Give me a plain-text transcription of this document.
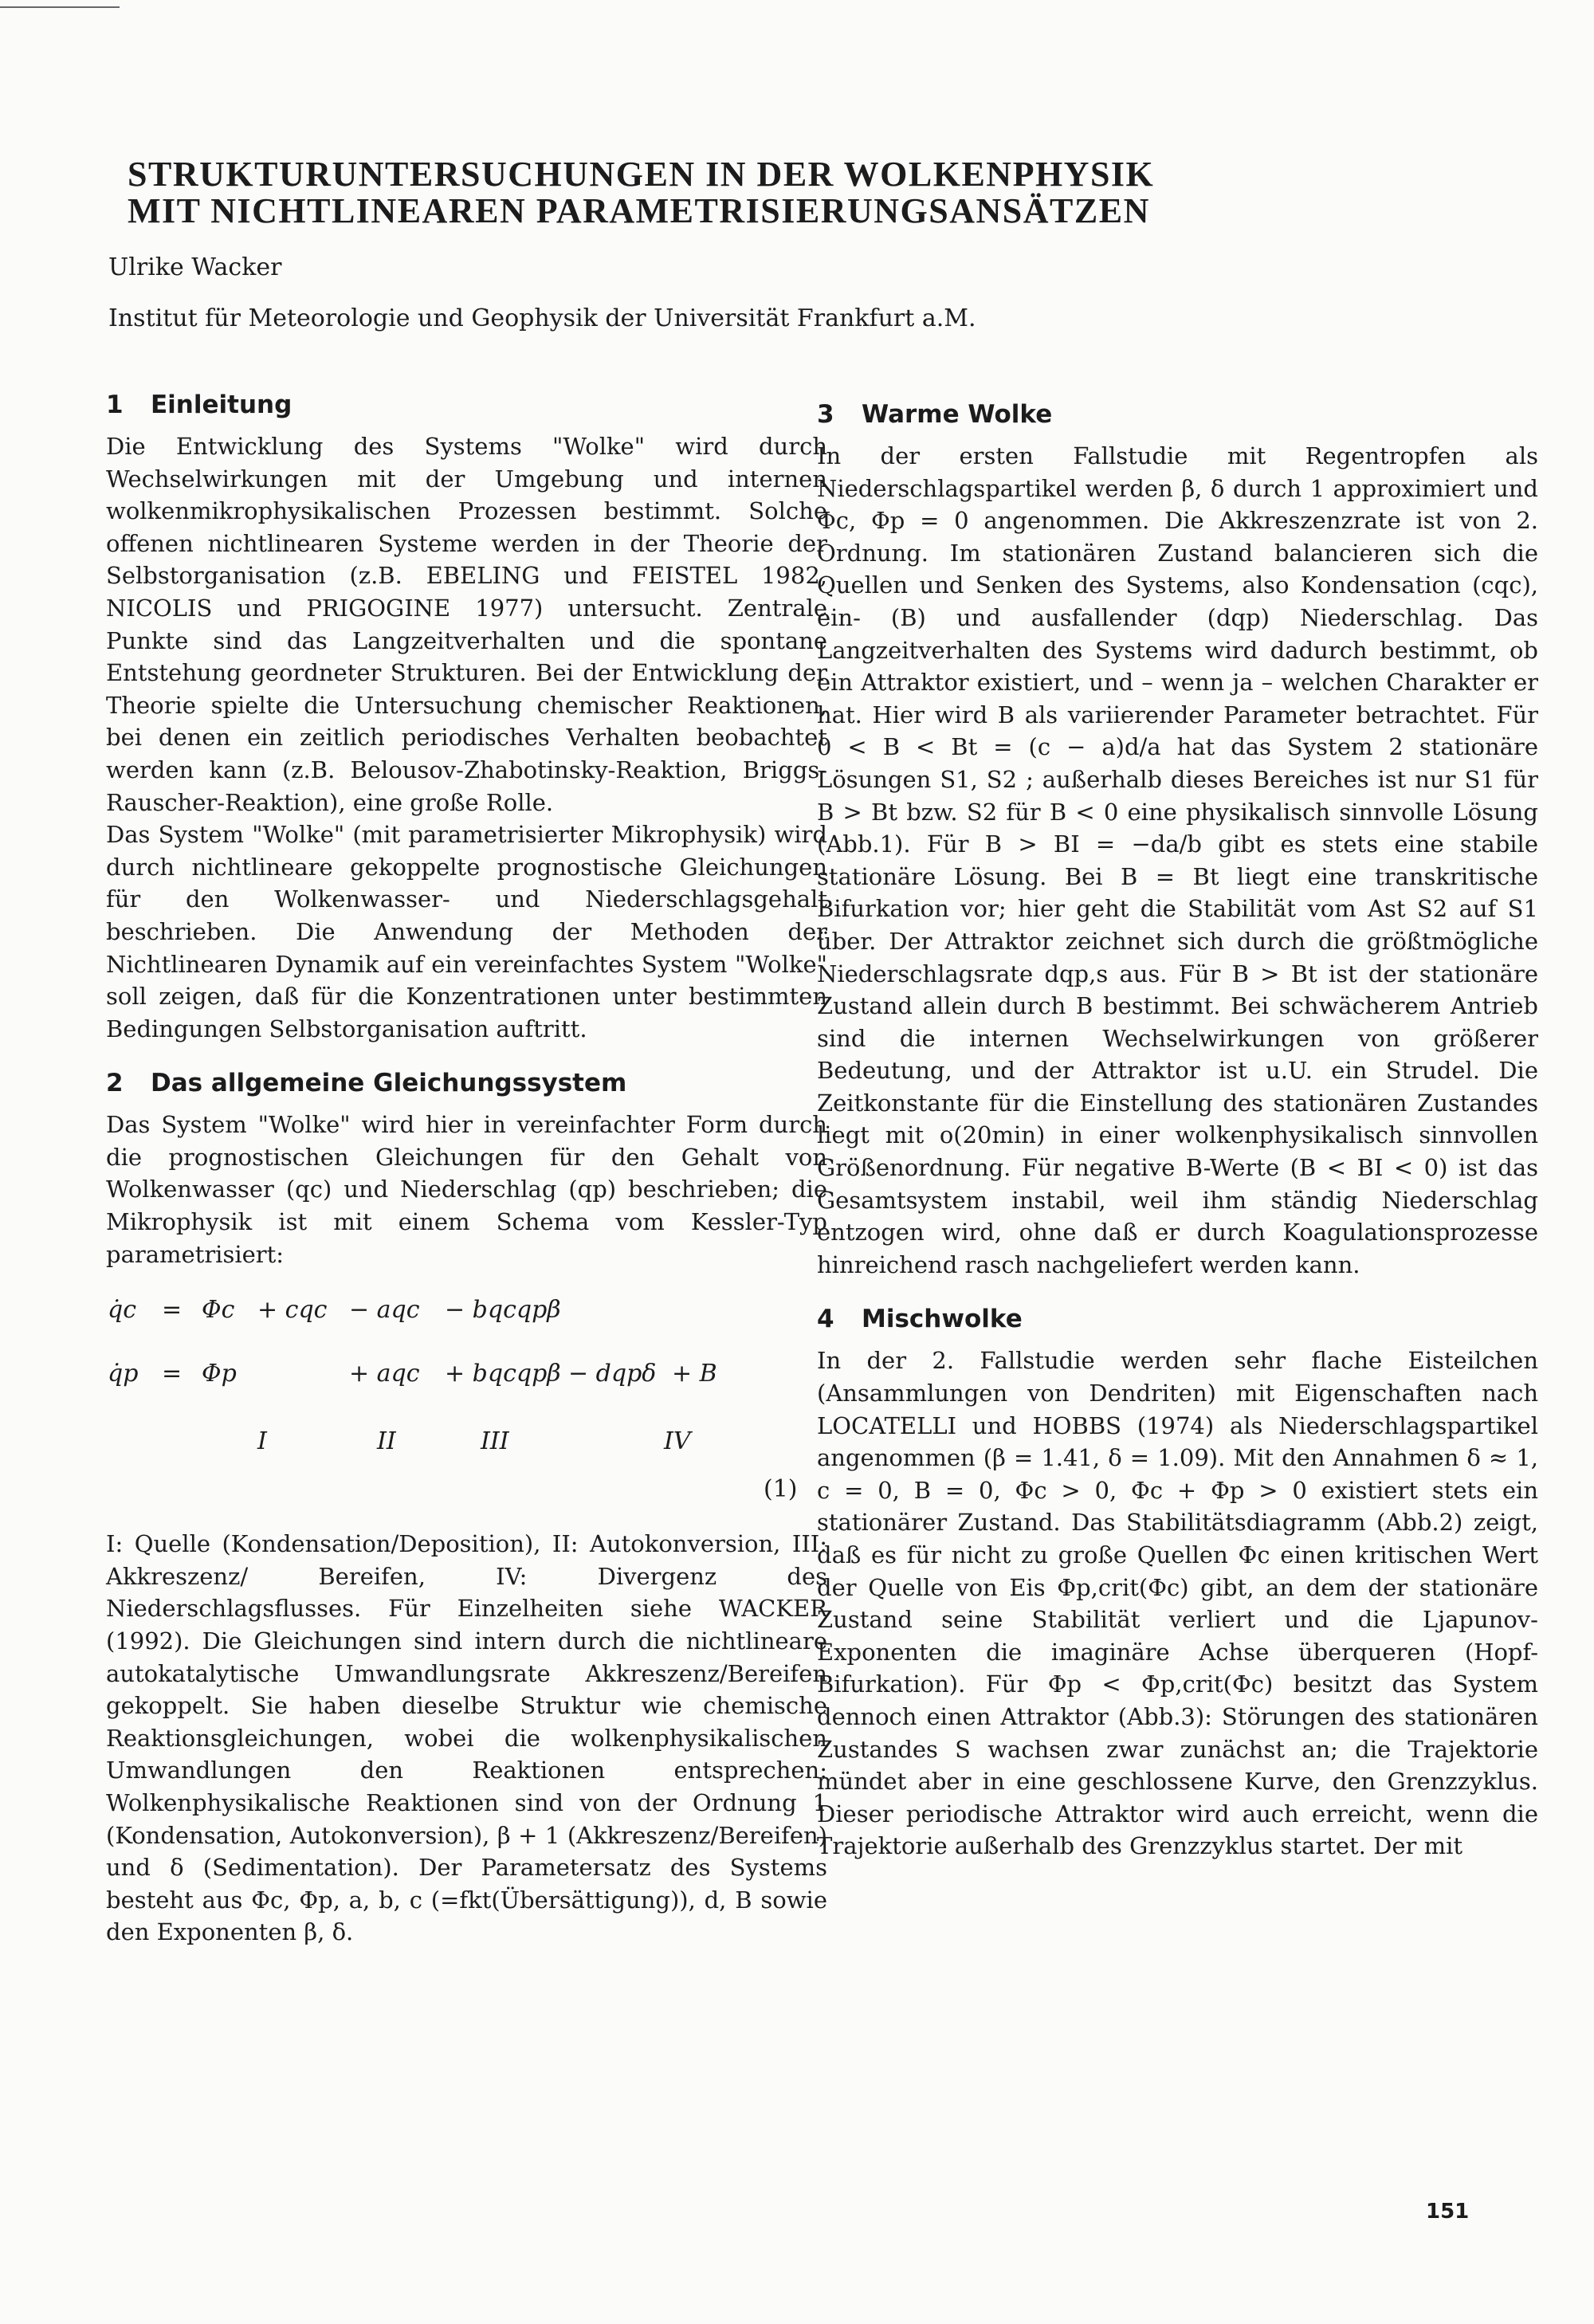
STRUKTURUNTERSUCHUNGEN IN DER WOLKENPHYSIK
MIT NICHTLINEAREN PARAMETRISIERUNGSANSÄTZEN
Ulrike Wacker
Institut für Meteorologie und Geophysik der Universität Frankfurt a.M.
1 Einleitung

Die Entwicklung des Systems "Wolke" wird durch Wechselwirkungen mit der Umgebung und internen wolkenmikrophysikalischen Prozessen bestimmt. Solche offenen nichtlinearen Systeme werden in der Theorie der Selbstorganisation (z.B. EBELING und FEISTEL 1982, NICOLIS und PRIGOGINE 1977) untersucht. Zentrale Punkte sind das Langzeitverhalten und die spontane Entstehung geordneter Strukturen. Bei der Entwicklung der Theorie spielte die Untersuchung chemischer Reaktionen, bei denen ein zeitlich periodisches Verhalten beobachtet werden kann (z.B. Belousov-Zhabotinsky-Reaktion, Briggs-Rauscher-Reaktion), eine große Rolle.

Das System "Wolke" (mit parametrisierter Mikrophysik) wird durch nichtlineare gekoppelte prognostische Gleichungen für den Wolkenwasser- und Niederschlagsgehalt beschrieben. Die Anwendung der Methoden der Nichtlinearen Dynamik auf ein vereinfachtes System "Wolke" soll zeigen, daß für die Konzentrationen unter bestimmten Bedingungen Selbstorganisation auftritt.

2 Das allgemeine Gleichungssystem

Das System "Wolke" wird hier in vereinfachter Form durch die prognostischen Gleichungen für den Gehalt von Wolkenwasser (qc) und Niederschlag (qp) beschrieben; die Mikrophysik ist mit einem Schema vom Kessler-Typ parametrisiert:

q̇c = Φc + cqc − aqc − bqcqpβ
q̇p = Φp	+ aqc + bqcqpβ − dqpδ + B
I	II	III	IV
(1)

I: Quelle (Kondensation/Deposition), II: Autokonversion, III: Akkreszenz/ Bereifen, IV: Divergenz des Niederschlagsflusses. Für Einzelheiten siehe WACKER (1992). Die Gleichungen sind intern durch die nichtlineare autokatalytische Umwandlungsrate Akkreszenz/Bereifen gekoppelt. Sie haben dieselbe Struktur wie chemische Reaktionsgleichungen, wobei die wolkenphysikalischen Umwandlungen den Reaktionen entsprechen: Wolkenphysikalische Reaktionen sind von der Ordnung 1 (Kondensation, Autokonversion), β + 1 (Akkreszenz/Bereifen) und δ (Sedimentation). Der Parametersatz des Systems besteht aus Φc, Φp, a, b, c (=fkt(Übersättigung)), d, B sowie den Exponenten β, δ.

3 Warme Wolke

In der ersten Fallstudie mit Regentropfen als Niederschlagspartikel werden β, δ durch 1 approximiert und Φc, Φp = 0 angenommen. Die Akkreszenzrate ist von 2. Ordnung. Im stationären Zustand balancieren sich die Quellen und Senken des Systems, also Kondensation (cqc), ein- (B) und ausfallender (dqp) Niederschlag. Das Langzeitverhalten des Systems wird dadurch bestimmt, ob ein Attraktor existiert, und – wenn ja – welchen Charakter er hat. Hier wird B als variierender Parameter betrachtet. Für 0 < B < Bt = (c − a)d/a hat das System 2 stationäre Lösungen S1, S2 ; außerhalb dieses Bereiches ist nur S1 für B > Bt bzw. S2 für B < 0 eine physikalisch sinnvolle Lösung (Abb.1). Für B > BI = −da/b gibt es stets eine stabile stationäre Lösung. Bei B = Bt liegt eine transkritische Bifurkation vor; hier geht die Stabilität vom Ast S2 auf S1 über. Der Attraktor zeichnet sich durch die größtmögliche Niederschlagsrate dqp,s aus. Für B > Bt ist der stationäre Zustand allein durch B bestimmt. Bei schwächerem Antrieb sind die internen Wechselwirkungen von größerer Bedeutung, und der Attraktor ist u.U. ein Strudel. Die Zeitkonstante für die Einstellung des stationären Zustandes liegt mit o(20min) in einer wolkenphysikalisch sinnvollen Größenordnung. Für negative B-Werte (B < BI < 0) ist das Gesamtsystem instabil, weil ihm ständig Niederschlag entzogen wird, ohne daß er durch Koagulationsprozesse hinreichend rasch nachgeliefert werden kann.

4 Mischwolke

In der 2. Fallstudie werden sehr flache Eisteilchen (Ansammlungen von Dendriten) mit Eigenschaften nach LOCATELLI und HOBBS (1974) als Niederschlagspartikel angenommen (β = 1.41, δ = 1.09). Mit den Annahmen δ ≈ 1, c = 0, B = 0, Φc > 0, Φc + Φp > 0 existiert stets ein stationärer Zustand. Das Stabilitätsdiagramm (Abb.2) zeigt, daß es für nicht zu große Quellen Φc einen kritischen Wert der Quelle von Eis Φp,crit(Φc) gibt, an dem der stationäre Zustand seine Stabilität verliert und die Ljapunov-Exponenten die imaginäre Achse überqueren (Hopf-Bifurkation). Für Φp < Φp,crit(Φc) besitzt das System dennoch einen Attraktor (Abb.3): Störungen des stationären Zustandes S wachsen zwar zunächst an; die Trajektorie mündet aber in eine geschlossene Kurve, den Grenzzyklus. Dieser periodische Attraktor wird auch erreicht, wenn die Trajektorie außerhalb des Grenzzyklus startet. Der mit

151
